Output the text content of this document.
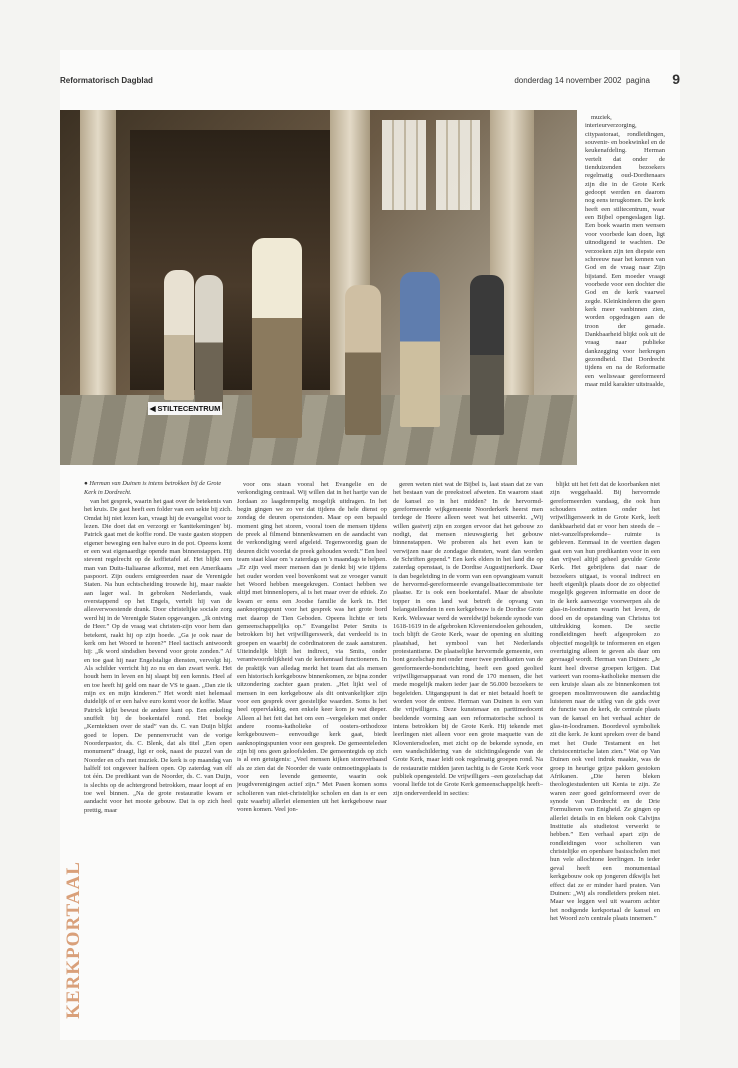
Reformatorisch Dagblad	donderdag 14 november 2002 pagina 9
◀ STILTECENTRUM

muziek, interieurverzorging, citypastoraat, rondleidingen, souvenir- en boekwinkel en de keukenafdeling. Herman vertelt dat onder de tienduizenden bezoekers regelmatig oud-Dordtenaars zijn die in de Grote Kerk gedoopt werden en daarom nog eens terugkomen. De kerk heeft een stiltecentrum, waar een Bijbel opengeslagen ligt. Een boek waarin men wensen voor voorbede kan doen, ligt uitnodigend te wachten. De verzoeken zijn ten diepste een schreeuw naar het kennen van God en de vraag naar Zijn bijstand. Een moeder vraagt voorbede voor een dochter die God en de kerk vaarwel zegde. Kleinkinderen die geen kerk meer vanbinnen zien, worden opgedragen aan de troon der genade. Dankbaarheid blijkt ook uit de vraag naar publieke dankzegging voor herkregen gezondheid. Dat Dordrecht tijdens en na de Reformatie een weliswaar gereformeerd maar mild karakter uitstraalde,

● Herman van Duinen is intens betrokken bij de Grote Kerk in Dordrecht.

van het gesprek, waarin het gaat over de betekenis van het kruis. De gast heeft een folder van een sekte bij zich. Omdat hij niet lezen kan, vraagt hij de evangelist voor te lezen. Die doet dat en verzorgt er 'kanttekeningen' bij. Patrick gaat met de koffie rond. De vaste gasten stoppen eigener beweging een halve euro in de pot. Opeens komt er een wat eigenaardige opende man binnenstappen. Hij stevent regelrecht op de koffietafel af. Het blijkt een man van Duits-Italiaanse afkomst, met een Amerikaans paspoort. Zijn ouders emigreerden naar de Verenigde Staten. Na hun echtscheiding trouwde hij, maar raakte aan lager wal. In gebroken Nederlands, vaak overstappend op het Engels, vertelt hij van de allesverwoestende drank. Door christelijke sociale zorg werd hij in de Verenigde Staten opgevangen. „Ik ontving de Heer.” Op de vraag wat christen-zijn voor hem dan betekent, raakt hij op zijn hoede. „Ga je ook naar de kerk om het Woord te horen?” Heel tactisch antwoordt hij: „Ik word sindsdien bevend voor grote zonden.” Af en toe gaat hij naar Engelstalige diensten, vervolgt hij. Als schilder verricht hij zo nu en dan zwart werk. Het houdt hem in leven en hij slaapt bij een kennis. Heel af en toe heeft hij geld om naar de VS te gaan. „Dan zie ik mijn ex en mijn kinderen.” Het wordt niet helemaal duidelijk of er een halve euro komt voor de koffie. Maar Patrick kijkt bewust de andere kant op. Een enkeling snuffelt bij de boekentafel rond. Het boekje „Kerntektsen over de stad” van ds. C. van Duijn blijkt goed te lopen. De pennenvrucht van de vorige Noorderpastor, ds. C. Blenk, dat als titel „Een open monument” draagt, ligt er ook, naast de puzzel van de Noorder en cd's met muziek. De kerk is op maandag van halfelf tot ongeveer halfeen open. Op zaterdag van elf tot één. De predikant van de Noorder, ds. C. van Duijn, is slechts op de achtergrond betrokken, maar loopt af en toe wel binnen. „Na de grote restauratie kwam er aandacht voor het mooie gebouw. Dat is op zich heel prettig, maar

voor ons staan vooral het Evangelie en de verkondiging centraal. Wij willen dat in het hartje van de Jordaan zo laagdrempelig mogelijk uitdragen. In het begin gingen we zo ver dat tijdens de hele dienst op zondag de deuren openstonden. Maar op een bepaald moment ging het storen, vooral toen de mensen tijdens de preek al filmend binnenkwamen en de aandacht van de verkondiging werd afgeleid. Tegenwoordig gaan de deuren dicht voordat de preek gehouden wordt.” Een heel team staat klaar om 's zaterdags en 's maandags te helpen. „Er zijn veel meer mensen dan je denkt bij wie tijdens het ouder worden veel bovenkomt wat ze vroeger vanuit het Woord hebben meegekregen. Contact hebben we altijd met binnenlopers, al is het maar over de ethiek. Zo kwam er eens een Joodse familie de kerk in. Het aanknopingspunt voor het gesprek was het grote bord met daarop de Tien Geboden. Opeens lichtte er iets gemeenschappelijks op.” Evangelist Peter Smits is betrokken bij het vrijwilligerswerk, dat verdeeld is in groepen en waarbij de coördinatoren de zaak aansturen. Uiteindelijk blijft het indirect, via Smits, onder verantwoordelijkheid van de kerkenraad functioneren. In de praktijk van alledag merkt het team dat als mensen een historisch kerkgebouw binnenkomen, ze bijna zonder uitzondering zachter gaan praten. „Het lijkt wel of mensen in een kerkgebouw als dit ontvankelijker zijn voor een gesprek over geestelijke waarden. Soms is het heel oppervlakkig, een enkele keer kom je wat dieper. Alleen al het feit dat het om een –vergeleken met onder andere rooms-katholieke of oosters-orthodoxe kerkgebouwen– eenvoudige kerk gaat, biedt aanknopingspunten voor een gesprek. De gemeenteleden zijn bij ons geen geloofsleden. De gemeentegids op zich is al een getuigenis: „Veel mensen kijken stomverbaasd als ze zien dat de Noorder de vaste ontmoetingsplaats is voor een levende gemeente, waarin ook jeugdverenigingen actief zijn.” Met Pasen komen soms scholieren van niet-christelijke scholen en dan is er een quiz waarbij allerlei elementen uit het kerkgebouw naar voren komen. Veel jon-

geren weten niet wat de Bijbel is, laat staan dat ze van het bestaan van de preekstoel afweten. En waarom staat de kansel zo in het midden? In de hervormd-gereformeerde wijkgemeente Noorderkerk heerst men terdege de Heere alleen weet wat het uitwerkt. „Wij willen gastvrij zijn en zorgen ervoor dat het gebouw zo nodigt, dat mensen nieuwsgierig het gebouw binnenstappen. We proberen als het even kan te verwijzen naar de zondagse diensten, want dan worden de Schriften gepend.” Een kerk elders in het land die op zaterdag openstaat, is de Dordtse Augustijnerkerk. Daar is dan begeleiding in de vorm van een opvangteam vanuit de hervormd-gereformeerde evangelisatiecommissie ter plaatse. Er is ook een boekentafel. Maar de absolute topper in ons land wat betreft de opvang van belangstellenden in een kerkgebouw is de Dordtse Grote Kerk. Welswaar werd de wereldwijd bekende synode van 1618-1619 in de afgebroken Kloveniersdoelen gehouden, toch blijft de Grote Kerk, waar de opening en sluiting plaatshad, het symbool van het Nederlands protestantisme. De plaatselijke hervormde gemeente, een bont gezelschap met onder meer twee predikanten van de gereformeerde-bondsrichting, heeft een goed geolied vrijwilligersapparaat van rond de 170 mensen, die het mede mogelijk maken ieder jaar de 56.000 bezoekers te begeleiden. Uitgangspunt is dat er niet betaald hoeft te worden voor de entree. Herman van Duinen is een van die vrijwilligers. Deze kunstenaar en parttimedocent beeldende vorming aan een reformatorische school is intens betrokken bij de Grote Kerk. Hij tekende met leerlingen niet alleen voor een grote maquette van de Kloveniersdoelen, met zicht op de bekende synode, en een wandschildering van de stichtingslegende van de Grote Kerk, maar leidt ook regelmatig groepen rond. Na de restauratie midden jaren tachtig is de Grote Kerk voor publiek opengesteld. De vrijwilligers –een gezelschap dat vooral liefde tot de Grote Kerk gemeenschappelijk heeft– zijn onderverdeeld in secties:

blijkt uit het feit dat de koorbanken niet zijn weggehaald. Bij hervormde gereformeerden vandaag, die ook hun schouders zetten onder het vrijwilligerswerk in de Grote Kerk, leeft dankbaarheid dat er voor hen steeds de –niet-vanzelfsprekende– ruimte is gebleven. Eenmaal in de veertien dagen gaat een van hun predikanten voor in een dan vrijwel altijd geheel gevulde Grote Kerk. Het gebrijdens dat naar de bezoekers uitgaat, is vooral indirect en heeft eigenlijk plaats door de zo objectief mogelijk gegeven informatie en door de in de kerk aanwezige voorwerpen als de glas-in-loodramen waarin het leven, de dood en de opstanding van Christus tot uitdrukking komen. De sectie rondleidingen heeft afgesproken zo objectief mogelijk te informeren en eigen overtuiging alleen te geven als daar om gevraagd wordt. Herman van Duinen: „Je kunt heel diverse groepen krijgen. Dat varieert van rooms-katholieke mensen die een kruisje slaan als ze binnenkomen tot groepen moslimvrouwen die aandachtig luisteren naar de uitleg van de gids over de functie van de kerk, de centrale plaats van de kansel en het verhaal achter de glas-in-loodramen. Boordevol symboliek zit die kerk. Je kunt spreken over de band met het Oude Testament en het christocentrische laten zien.” Wat op Van Duinen ook veel indruk maakte, was de groep in heurige grijze pakken gestoken Afrikanen. „Die heren bleken theologiestudenten uit Kenia te zijn. Ze waren zeer goed geïnformeerd over de synode van Dordrecht en de Drie Formulieren van Enigheid. Ze gingen op allerlei details in en bleken ook Calvijns Institutie als studietost verwerkt te hebben.” Een verhaal apart zijn de rondleidingen voor scholieren van christelijke en openbare basisscholen met hun vele allochtone leerlingen. In ieder geval heeft een monumentaal kerkgebouw ook op jongeren dikwijls het effect dat ze er minder hard praten. Van Duinen: „Wij als rondleiders preken niet. Maar we leggen wel uit waarom achter het nodigende kerkportaal de kansel en het Woord zo'n centrale plaats innemen.”

KERKPORTAAL
